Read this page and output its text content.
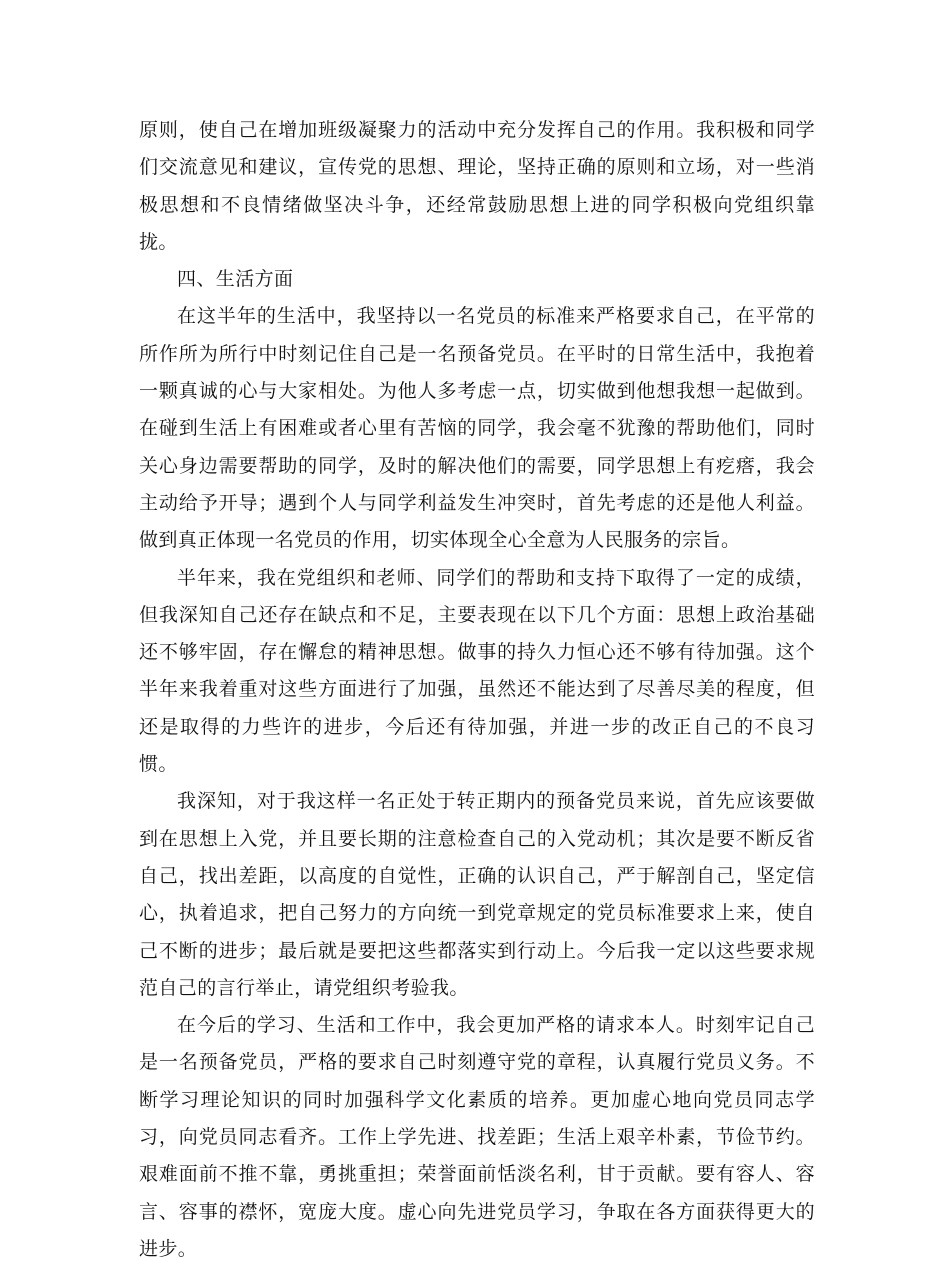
原则，使自己在增加班级凝聚力的活动中充分发挥自己的作用。我积极和同学们交流意见和建议，宣传党的思想、理论，坚持正确的原则和立场，对一些消极思想和不良情绪做坚决斗争，还经常鼓励思想上进的同学积极向党组织靠拢。

四、生活方面

在这半年的生活中，我坚持以一名党员的标准来严格要求自己，在平常的所作所为所行中时刻记住自己是一名预备党员。在平时的日常生活中，我抱着一颗真诚的心与大家相处。为他人多考虑一点，切实做到他想我想一起做到。在碰到生活上有困难或者心里有苦恼的同学，我会毫不犹豫的帮助他们，同时关心身边需要帮助的同学，及时的解决他们的需要，同学思想上有疙瘩，我会主动给予开导；遇到个人与同学利益发生冲突时，首先考虑的还是他人利益。做到真正体现一名党员的作用，切实体现全心全意为人民服务的宗旨。

半年来，我在党组织和老师、同学们的帮助和支持下取得了一定的成绩，但我深知自己还存在缺点和不足，主要表现在以下几个方面：思想上政治基础还不够牢固，存在懈怠的精神思想。做事的持久力恒心还不够有待加强。这个半年来我着重对这些方面进行了加强，虽然还不能达到了尽善尽美的程度，但还是取得的力些许的进步，今后还有待加强，并进一步的改正自己的不良习惯。

我深知，对于我这样一名正处于转正期内的预备党员来说，首先应该要做到在思想上入党，并且要长期的注意检查自己的入党动机；其次是要不断反省自己，找出差距，以高度的自觉性，正确的认识自己，严于解剖自己，坚定信心，执着追求，把自己努力的方向统一到党章规定的党员标准要求上来，使自己不断的进步；最后就是要把这些都落实到行动上。今后我一定以这些要求规范自己的言行举止，请党组织考验我。

在今后的学习、生活和工作中，我会更加严格的请求本人。时刻牢记自己是一名预备党员，严格的要求自己时刻遵守党的章程，认真履行党员义务。不断学习理论知识的同时加强科学文化素质的培养。更加虚心地向党员同志学习，向党员同志看齐。工作上学先进、找差距；生活上艰辛朴素，节俭节约。艰难面前不推不靠，勇挑重担；荣誉面前恬淡名利，甘于贡献。要有容人、容言、容事的襟怀，宽庞大度。虚心向先进党员学习，争取在各方面获得更大的进步。
